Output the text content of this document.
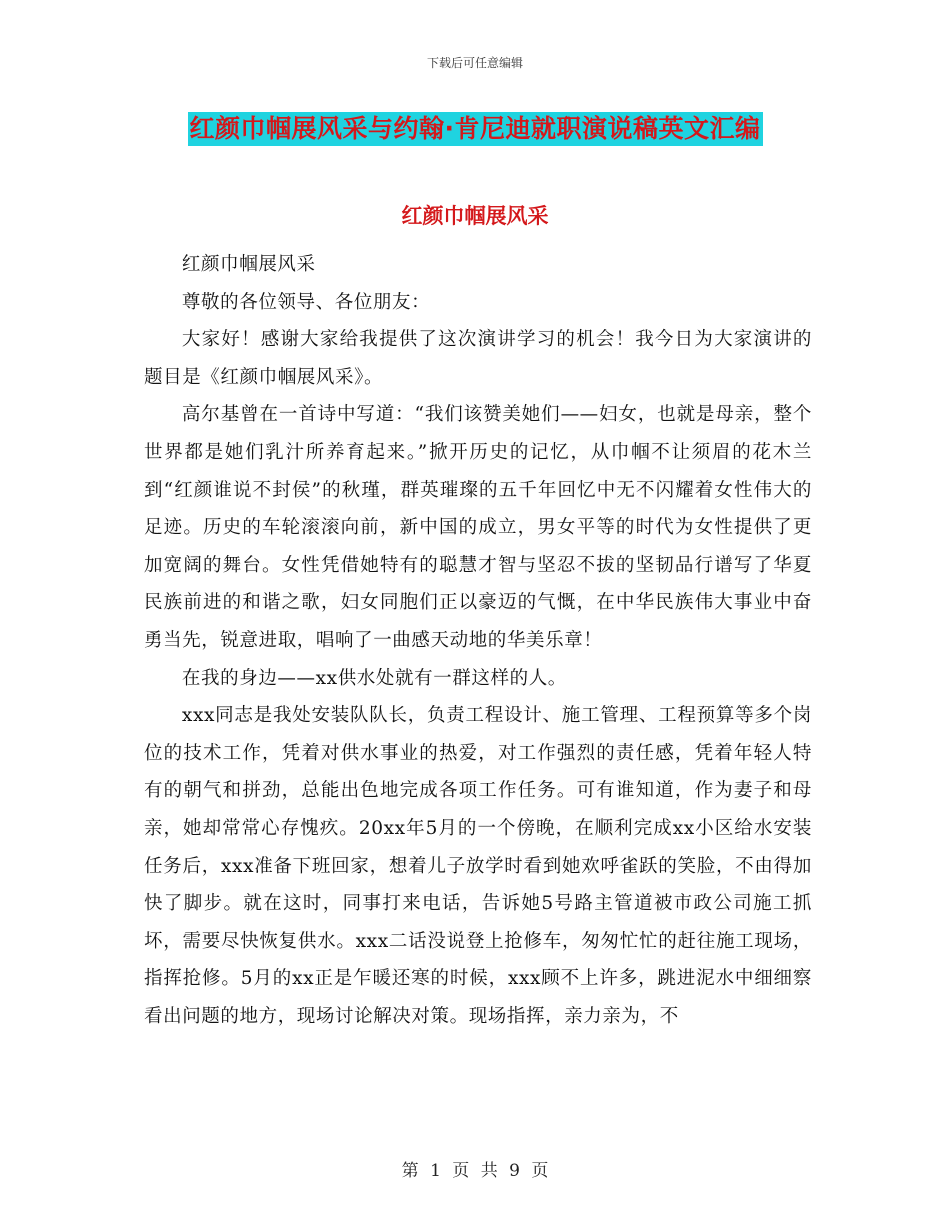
下载后可任意编辑
红颜巾帼展风采与约翰·肯尼迪就职演说稿英文汇编
红颜巾帼展风采

红颜巾帼展风采

尊敬的各位领导、各位朋友：

大家好！感谢大家给我提供了这次演讲学习的机会！我今日为大家演讲的题目是《红颜巾帼展风采》。

高尔基曾在一首诗中写道：“我们该赞美她们——妇女，也就是母亲，整个世界都是她们乳汁所养育起来。”掀开历史的记忆，从巾帼不让须眉的花木兰到“红颜谁说不封侯”的秋瑾，群英璀璨的五千年回忆中无不闪耀着女性伟大的足迹。历史的车轮滚滚向前，新中国的成立，男女平等的时代为女性提供了更加宽阔的舞台。女性凭借她特有的聪慧才智与坚忍不拔的坚韧品行谱写了华夏民族前进的和谐之歌，妇女同胞们正以豪迈的气慨，在中华民族伟大事业中奋勇当先，锐意进取，唱响了一曲感天动地的华美乐章！

在我的身边——xx供水处就有一群这样的人。

xxx同志是我处安装队队长，负责工程设计、施工管理、工程预算等多个岗位的技术工作，凭着对供水事业的热爱，对工作强烈的责任感，凭着年轻人特有的朝气和拼劲，总能出色地完成各项工作任务。可有谁知道，作为妻子和母亲，她却常常心存愧疚。20xx年5月的一个傍晚，在顺利完成xx小区给水安装任务后，xxx准备下班回家，想着儿子放学时看到她欢呼雀跃的笑脸，不由得加快了脚步。就在这时，同事打来电话，告诉她5号路主管道被市政公司施工抓坏，需要尽快恢复供水。xxx二话没说登上抢修车，匆匆忙忙的赶往施工现场，指挥抢修。5月的xx正是乍暖还寒的时候，xxx顾不上许多，跳进泥水中细细察看出问题的地方，现场讨论解决对策。现场指挥，亲力亲为，不

第 1 页 共 9 页
